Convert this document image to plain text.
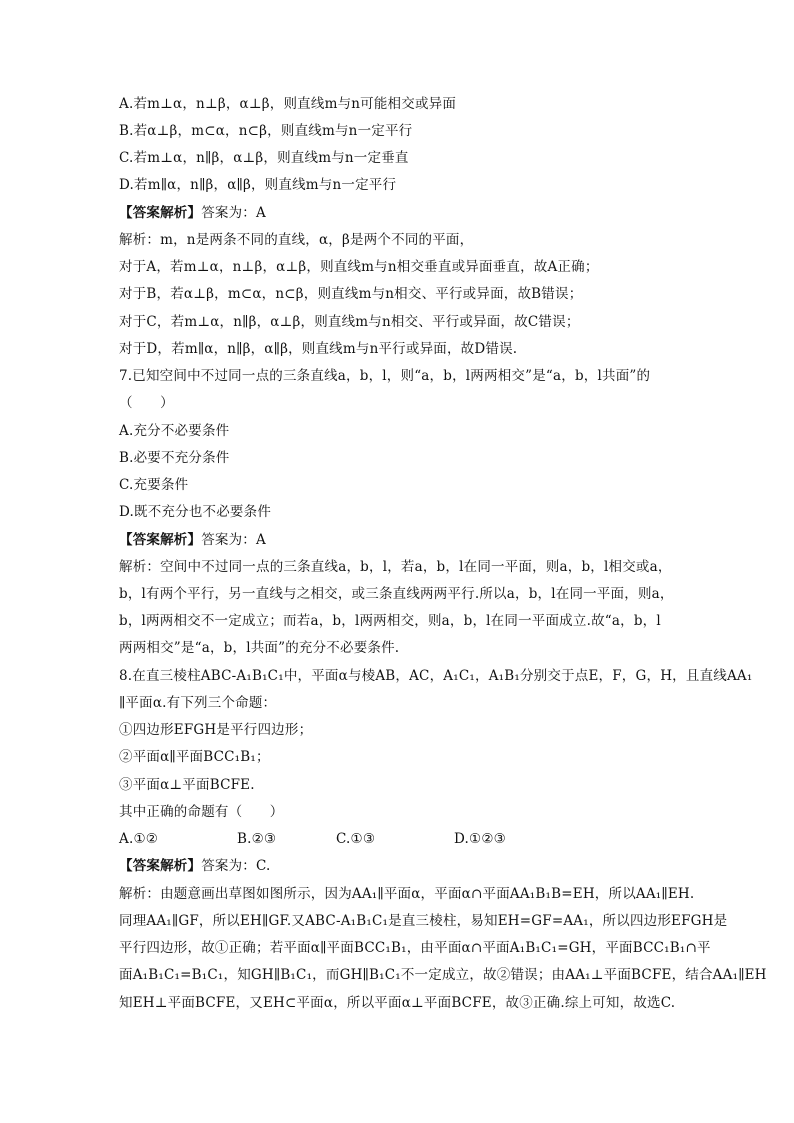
A.若m⊥α，n⊥β，α⊥β，则直线m与n可能相交或异面
B.若α⊥β，m⊂α，n⊂β，则直线m与n一定平行
C.若m⊥α，n∥β，α⊥β，则直线m与n一定垂直
D.若m∥α，n∥β，α∥β，则直线m与n一定平行
【答案解析】答案为：A
解析：m，n是两条不同的直线，α，β是两个不同的平面，
对于A，若m⊥α，n⊥β，α⊥β，则直线m与n相交垂直或异面垂直，故A正确；
对于B，若α⊥β，m⊂α，n⊂β，则直线m与n相交、平行或异面，故B错误；
对于C，若m⊥α，n∥β，α⊥β，则直线m与n相交、平行或异面，故C错误；
对于D，若m∥α，n∥β，α∥β，则直线m与n平行或异面，故D错误.
7.已知空间中不过同一点的三条直线a，b，l，则“a，b，l两两相交”是“a，b，l共面”的
（　　）
A.充分不必要条件
B.必要不充分条件
C.充要条件
D.既不充分也不必要条件
【答案解析】答案为：A
解析：空间中不过同一点的三条直线a，b，l，若a，b，l在同一平面，则a，b，l相交或a，
b，l有两个平行，另一直线与之相交，或三条直线两两平行.所以a，b，l在同一平面，则a，
b，l两两相交不一定成立；而若a，b，l两两相交，则a，b，l在同一平面成立.故“a，b，l
两两相交”是“a，b，l共面”的充分不必要条件.
8.在直三棱柱ABC-A₁B₁C₁中，平面α与棱AB，AC，A₁C₁，A₁B₁分别交于点E，F，G，H，且直线AA₁
∥平面α.有下列三个命题：
①四边形EFGH是平行四边形；
②平面α∥平面BCC₁B₁；
③平面α⊥平面BCFE.
其中正确的命题有（　　）
A.①②	B.②③	C.①③	D.①②③
【答案解析】答案为：C.
解析：由题意画出草图如图所示，因为AA₁∥平面α，平面α∩平面AA₁B₁B=EH，所以AA₁∥EH.
同理AA₁∥GF，所以EH∥GF.又ABC-A₁B₁C₁是直三棱柱，易知EH=GF=AA₁，所以四边形EFGH是
平行四边形，故①正确；若平面α∥平面BCC₁B₁，由平面α∩平面A₁B₁C₁=GH，平面BCC₁B₁∩平
面A₁B₁C₁=B₁C₁，知GH∥B₁C₁，而GH∥B₁C₁不一定成立，故②错误；由AA₁⊥平面BCFE，结合AA₁∥EH
知EH⊥平面BCFE，又EH⊂平面α，所以平面α⊥平面BCFE，故③正确.综上可知，故选C.
